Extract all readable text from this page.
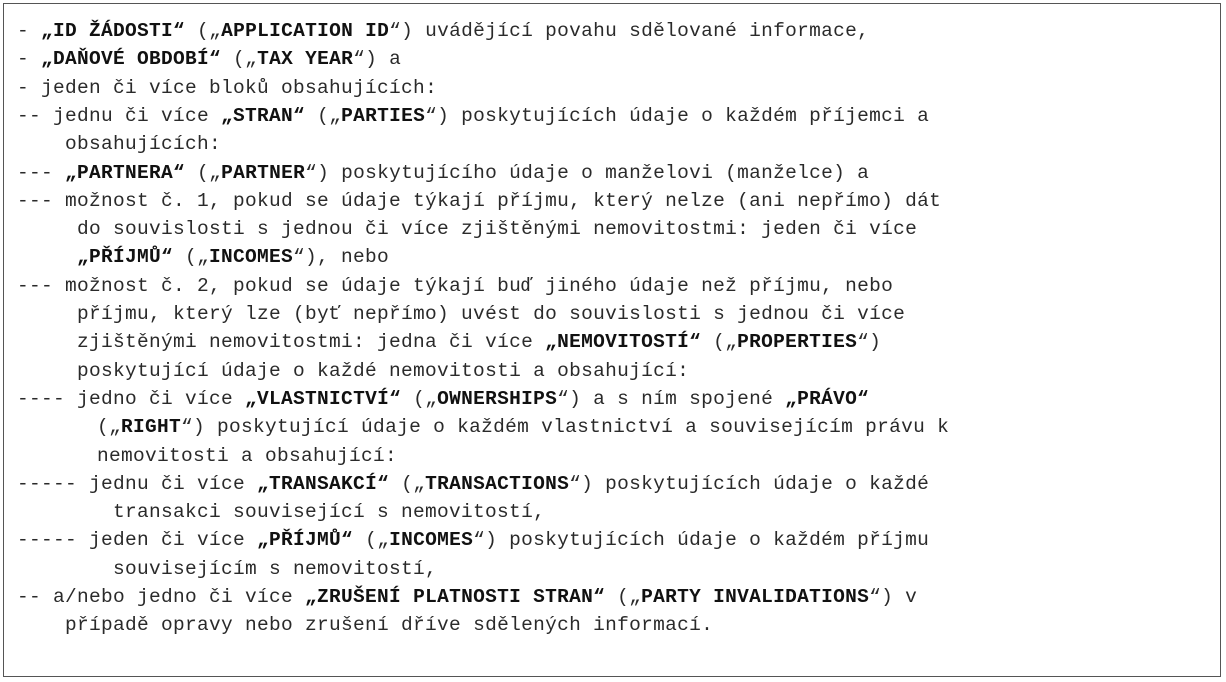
- „ID ŽÁDOSTI“ („APPLICATION ID“) uvádějící povahu sdělované informace,
- „DAŇOVÉ OBDOBÍ“ („TAX YEAR“) a
- jeden či více bloků obsahujících:
-- jednu či více „STRAN“ („PARTIES“) poskytujících údaje o každém příjemci a
obsahujících:
--- „PARTNERA“ („PARTNER“) poskytujícího údaje o manželovi (manželce) a
--- možnost č. 1, pokud se údaje týkají příjmu, který nelze (ani nepřímo) dát
do souvislosti s jednou či více zjištěnými nemovitostmi: jeden či více
„PŘÍJMŮ“ („INCOMES“), nebo
--- možnost č. 2, pokud se údaje týkají buď jiného údaje než příjmu, nebo
příjmu, který lze (byť nepřímo) uvést do souvislosti s jednou či více
zjištěnými nemovitostmi: jedna či více „NEMOVITOSTÍ“ („PROPERTIES“)
poskytující údaje o každé nemovitosti a obsahující:
---- jedno či více „VLASTNICTVÍ“ („OWNERSHIPS“) a s ním spojené „PRÁVO“
(„RIGHT“) poskytující údaje o každém vlastnictví a souvisejícím právu k
nemovitosti a obsahující:
----- jednu či více „TRANSAKCÍ“ („TRANSACTIONS“) poskytujících údaje o každé
transakci související s nemovitostí,
----- jeden či více „PŘÍJMŮ“ („INCOMES“) poskytujících údaje o každém příjmu
souvisejícím s nemovitostí,
-- a/nebo jedno či více „ZRUŠENÍ PLATNOSTI STRAN“ („PARTY INVALIDATIONS“) v
případě opravy nebo zrušení dříve sdělených informací.
